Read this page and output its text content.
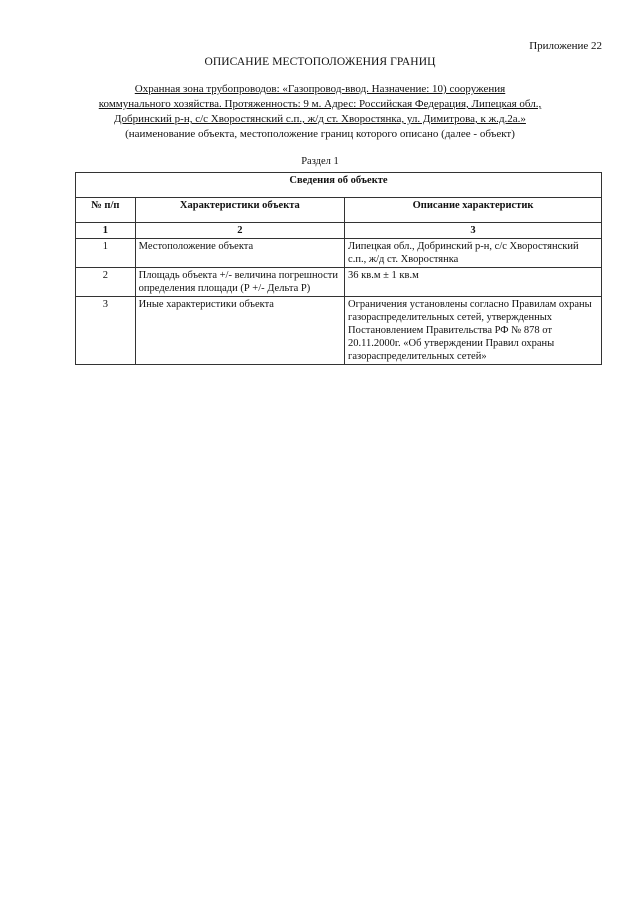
Приложение 22
ОПИСАНИЕ МЕСТОПОЛОЖЕНИЯ ГРАНИЦ
Охранная зона трубопроводов: «Газопровод-ввод. Назначение: 10) сооружения
коммунального хозяйства. Протяженность: 9 м. Адрес: Российская Федерация, Липецкая обл.,
Добринский р-н, с/с Хворостянский с.п., ж/д ст. Хворостянка, ул. Димитрова, к ж.д.2а.»
(наименование объекта, местоположение границ которого описано (далее - объект)
Раздел 1
Сведения об объекте		
№ п/п	Характеристики объекта	Описание характеристик
1	2	3
1	Местоположение объекта	Липецкая обл., Добринский р-н, с/с Хворостянский с.п., ж/д ст. Хворостянка
2	Площадь объекта +/- величина погрешности определения площади (Р +/- Дельта Р)	36 кв.м ± 1 кв.м
3	Иные характеристики объекта	Ограничения установлены согласно Правилам охраны газораспределительных сетей, утвержденных Постановлением Правительства РФ № 878 от 20.11.2000г. «Об утверждении Правил охраны газораспределительных сетей»
